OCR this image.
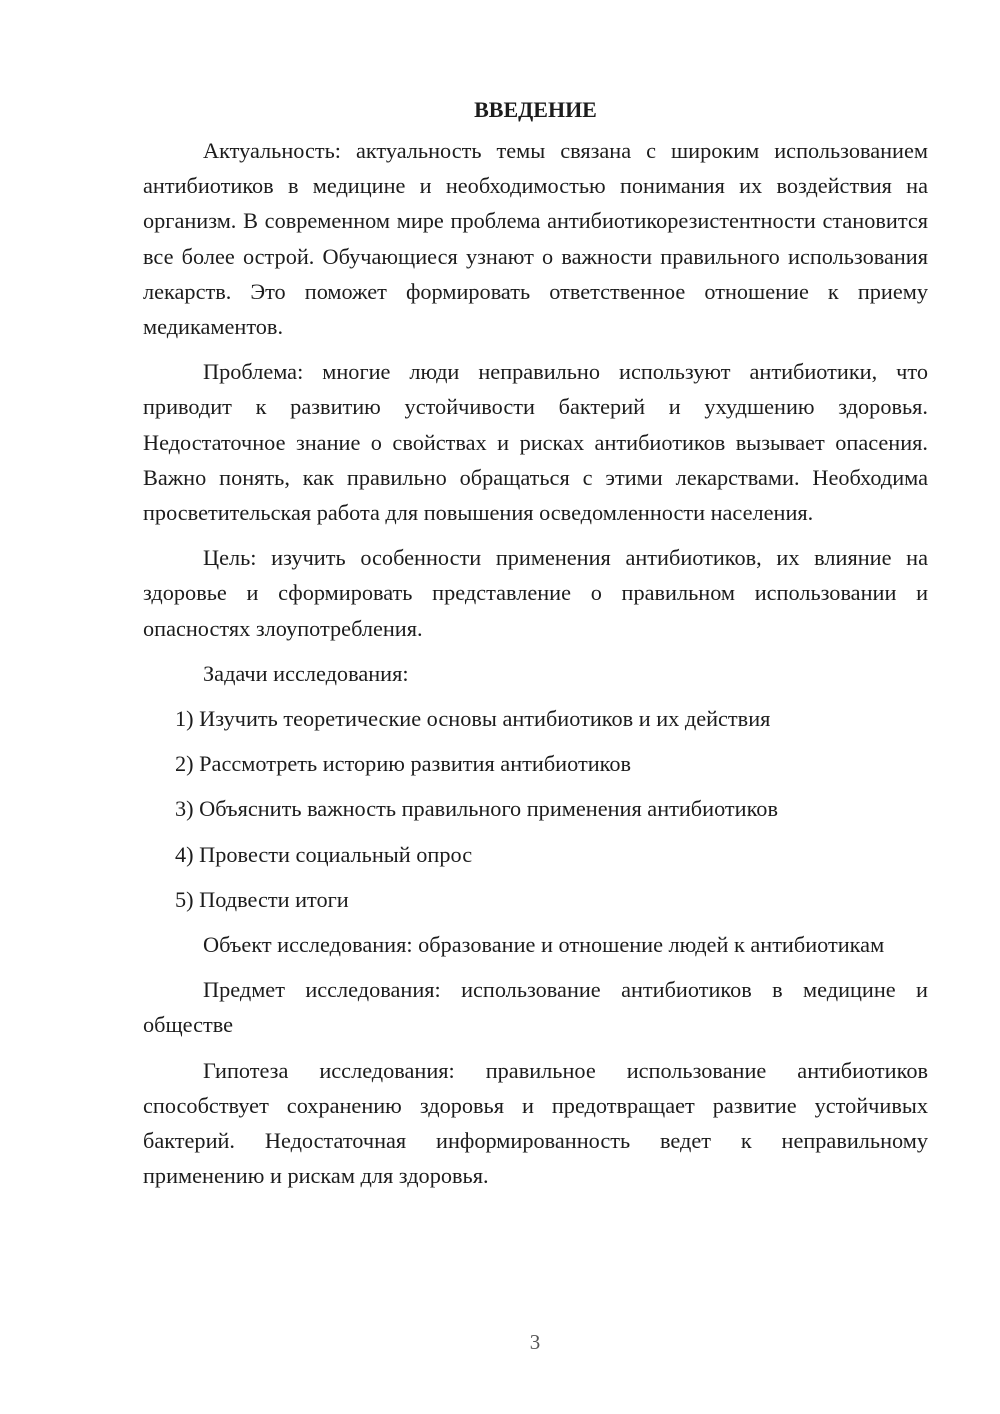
ВВЕДЕНИЕ

Актуальность: актуальность темы связана с широким использованием антибиотиков в медицине и необходимостью понимания их воздействия на организм. В современном мире проблема антибиотикорезистентности становится все более острой. Обучающиеся узнают о важности правильного использования лекарств. Это поможет формировать ответственное отношение к приему медикаментов.

Проблема: многие люди неправильно используют антибиотики, что приводит к развитию устойчивости бактерий и ухудшению здоровья. Недостаточное знание о свойствах и рисках антибиотиков вызывает опасения. Важно понять, как правильно обращаться с этими лекарствами. Необходима просветительская работа для повышения осведомленности населения.

Цель: изучить особенности применения антибиотиков, их влияние на здоровье и сформировать представление о правильном использовании и опасностях злоупотребления.

Задачи исследования:

1) Изучить теоретические основы антибиотиков и их действия
2) Рассмотреть историю развития антибиотиков
3) Объяснить важность правильного применения антибиотиков
4) Провести социальный опрос
5) Подвести итоги

Объект исследования: образование и отношение людей к антибиотикам

Предмет исследования: использование антибиотиков в медицине и обществе

Гипотеза исследования: правильное использование антибиотиков способствует сохранению здоровья и предотвращает развитие устойчивых бактерий. Недостаточная информированность ведет к неправильному применению и рискам для здоровья.

3
